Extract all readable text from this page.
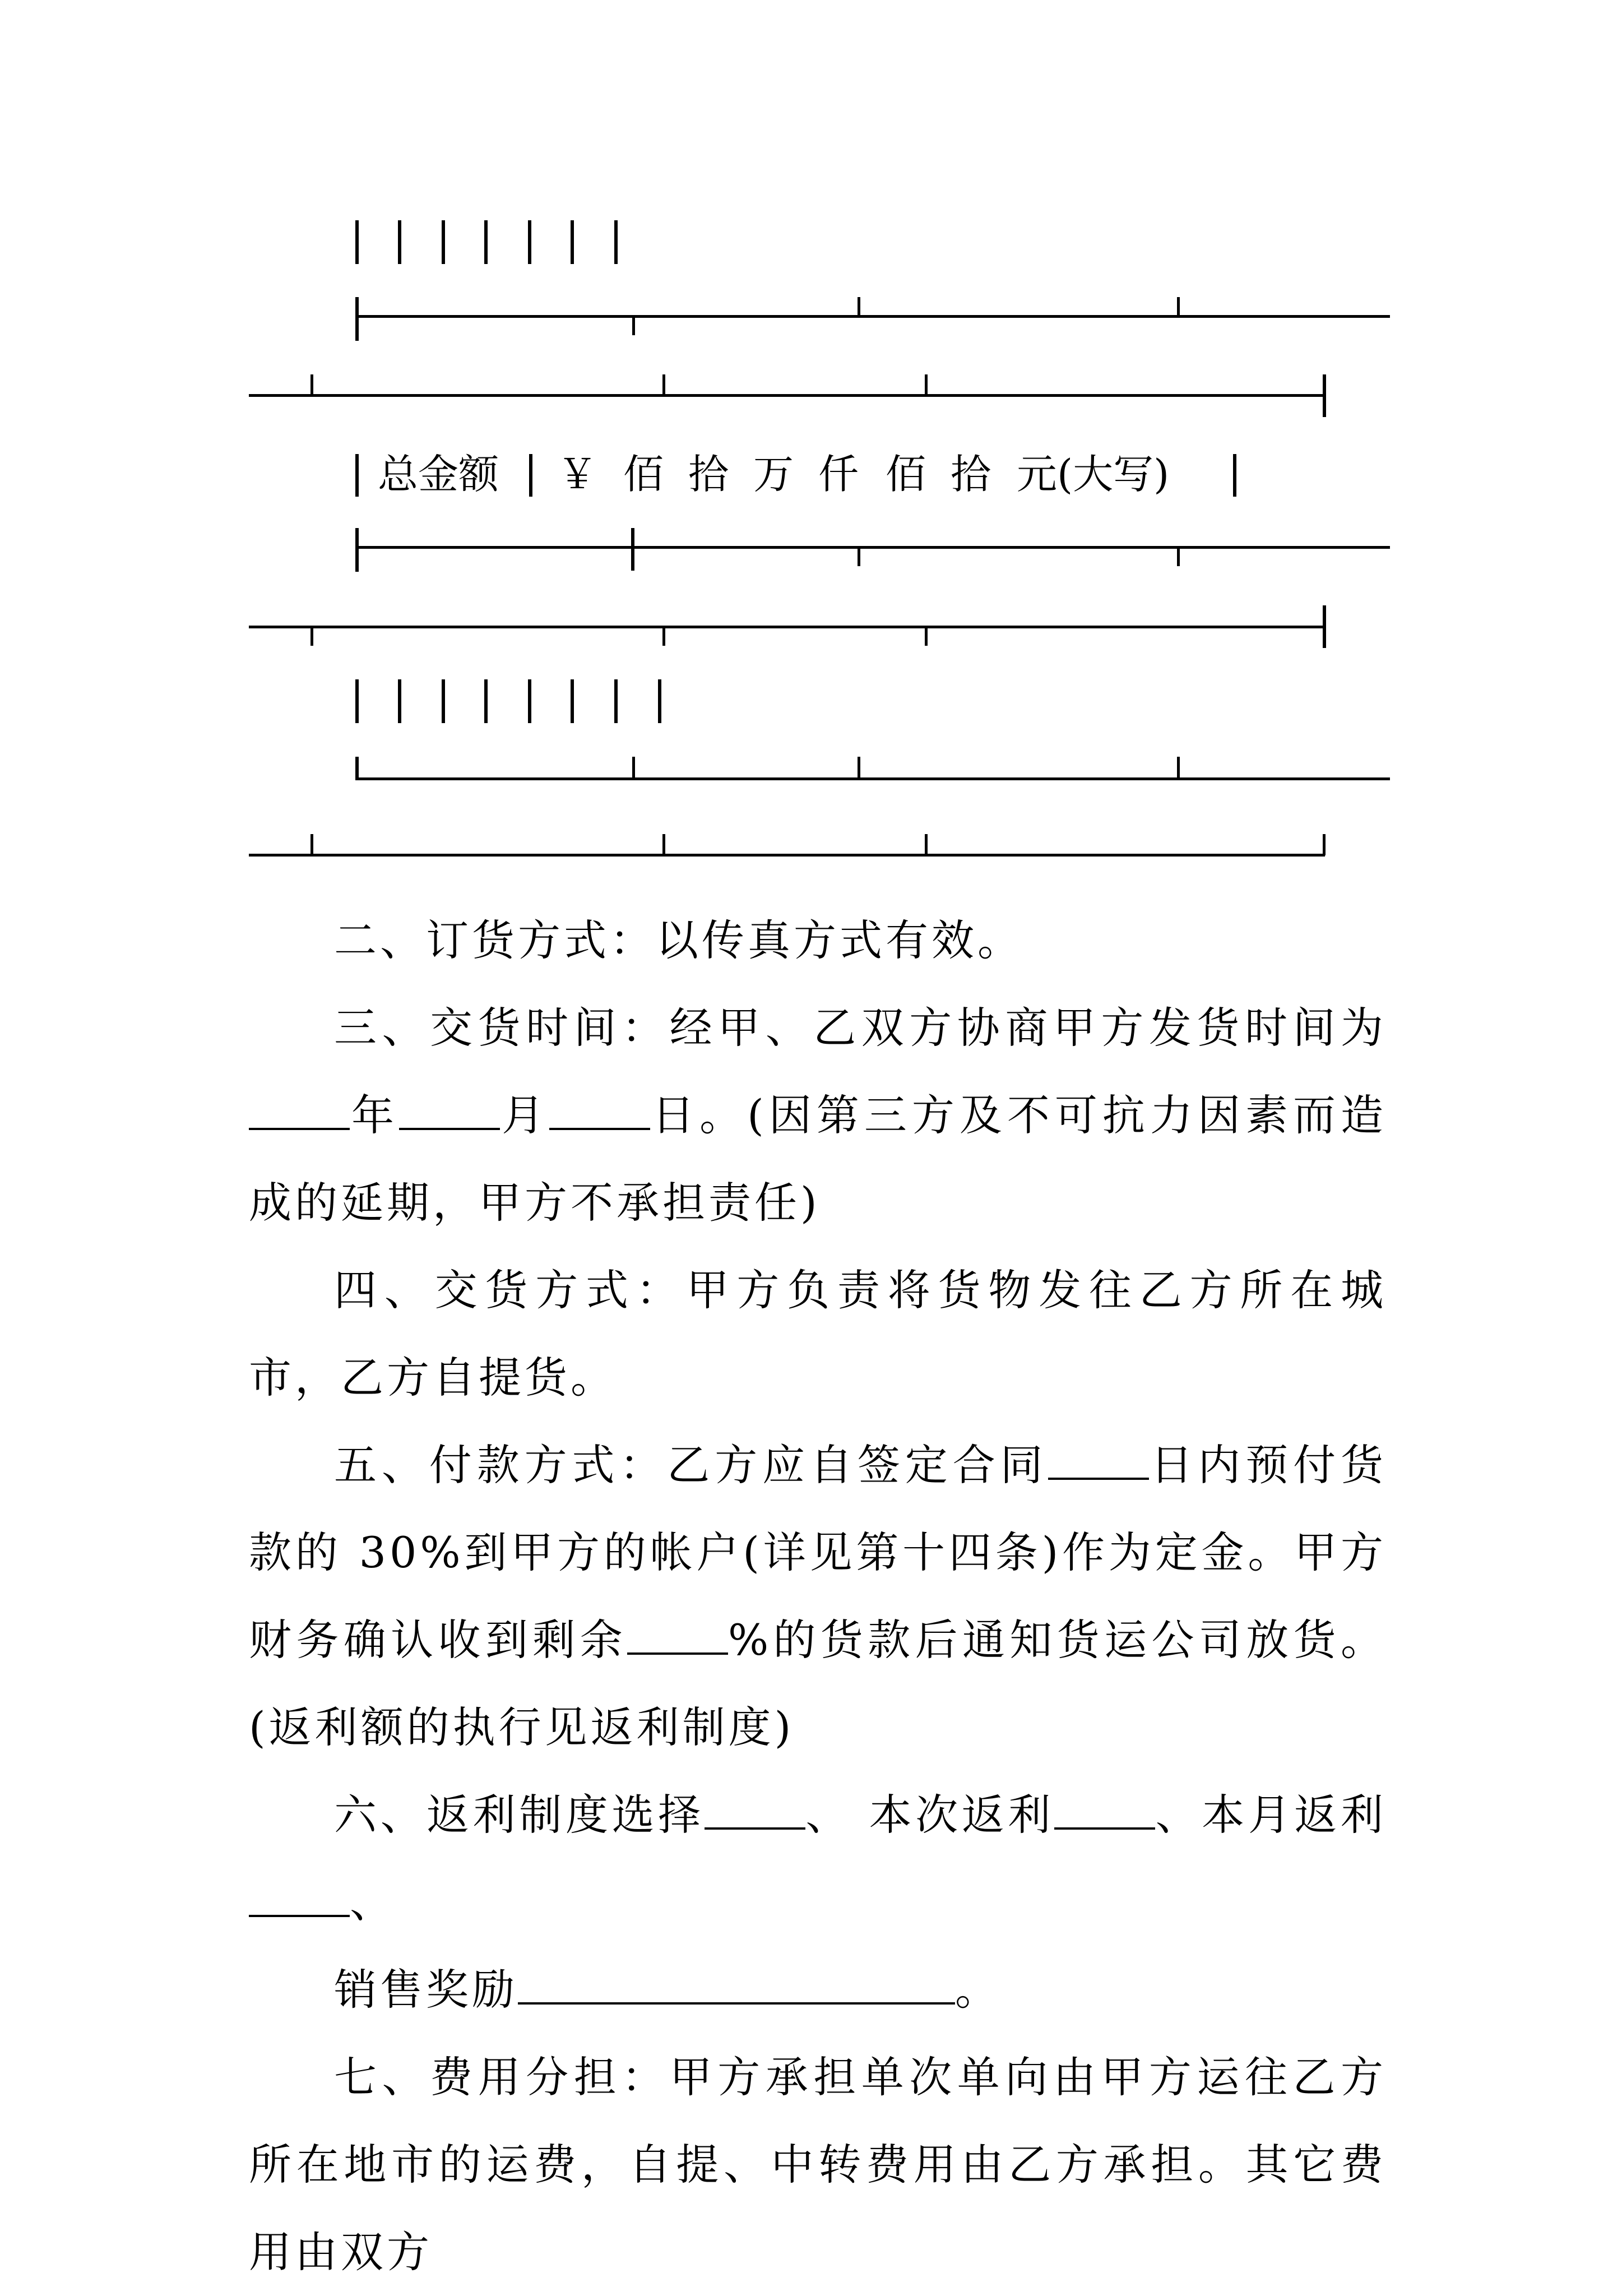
总金额 ￥ 佰 拾 万 仟 佰 拾 元(大写)

二、订货方式：以传真方式有效。

三、交货时间：经甲、乙双方协商甲方发货时间为年 月 日。(因第三方及不可抗力因素而造成的延期，甲方不承担责任)

四、交货方式：甲方负责将货物发往乙方所在城市，乙方自提货。

五、付款方式：乙方应自签定合同 日内预付货款的 30%到甲方的帐户(详见第十四条)作为定金。甲方财务确认收到剩余 %的货款后通知货运公司放货。(返利额的执行见返利制度)

六、返利制度选择 、 本次返利 、本月返利、

销售奖励	。

七、费用分担：甲方承担单次单向由甲方运往乙方所在地市的运费，自提、中转费用由乙方承担。其它费用由双方
